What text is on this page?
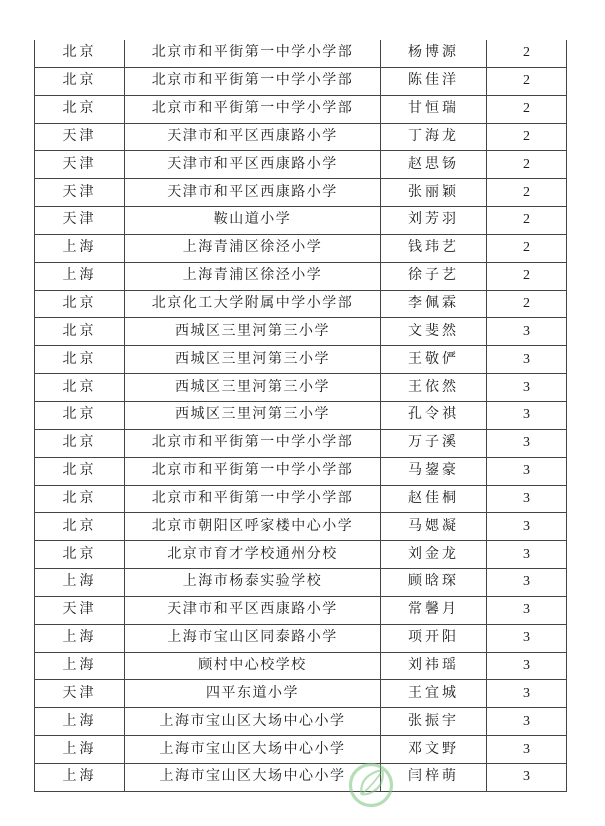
北京	北京市和平街第一中学小学部	杨博源	2
北京	北京市和平街第一中学小学部	陈佳洋	2
北京	北京市和平街第一中学小学部	甘恒瑞	2
天津	天津市和平区西康路小学	丁海龙	2
天津	天津市和平区西康路小学	赵思钖	2
天津	天津市和平区西康路小学	张丽颖	2
天津	鞍山道小学	刘芳羽	2
上海	上海青浦区徐泾小学	钱玮艺	2
上海	上海青浦区徐泾小学	徐子艺	2
北京	北京化工大学附属中学小学部	李佩霖	2
北京	西城区三里河第三小学	文斐然	3
北京	西城区三里河第三小学	王敬俨	3
北京	西城区三里河第三小学	王依然	3
北京	西城区三里河第三小学	孔令祺	3
北京	北京市和平街第一中学小学部	万子溪	3
北京	北京市和平街第一中学小学部	马鋆豪	3
北京	北京市和平街第一中学小学部	赵佳桐	3
北京	北京市朝阳区呼家楼中心小学	马媤凝	3
北京	北京市育才学校通州分校	刘金龙	3
上海	上海市杨泰实验学校	顾晗琛	3
天津	天津市和平区西康路小学	常馨月	3
上海	上海市宝山区同泰路小学	项开阳	3
上海	顾村中心校学校	刘祎瑶	3
天津	四平东道小学	王宜城	3
上海	上海市宝山区大场中心小学	张振宇	3
上海	上海市宝山区大场中心小学	邓文野	3
上海	上海市宝山区大场中心小学	闫梓萌	3
